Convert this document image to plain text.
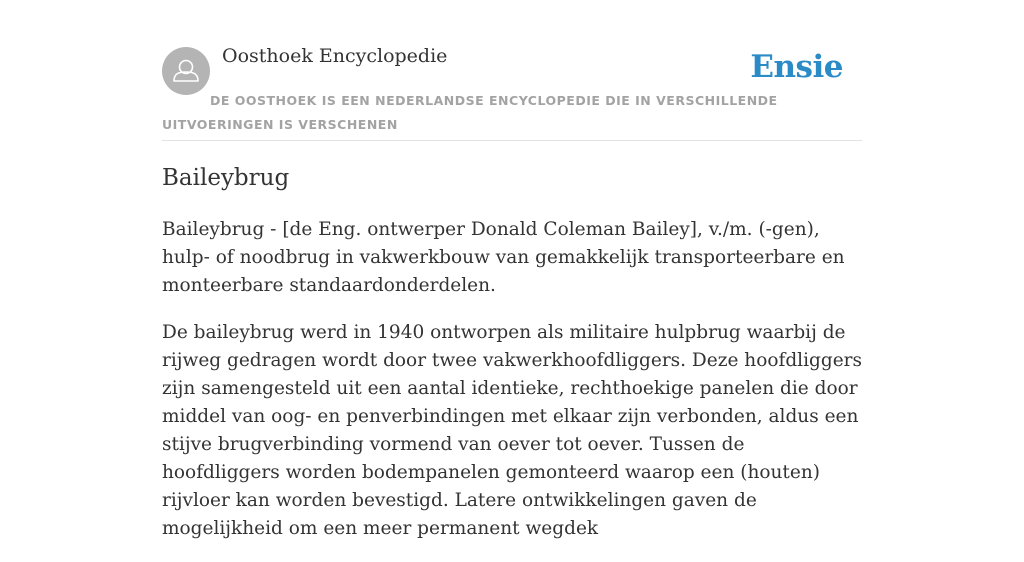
Oosthoek Encyclopedie	Ensie
DE OOSTHOEK IS EEN NEDERLANDSE ENCYCLOPEDIE DIE IN VERSCHILLENDE UITVOERINGEN IS VERSCHENEN
Baileybrug

Baileybrug - [de Eng. ontwerper Donald Coleman Bailey], v./m. (-gen), hulp- of noodbrug in vakwerkbouw van gemakkelijk transporteerbare en monteerbare standaardonderdelen.

De baileybrug werd in 1940 ontworpen als militaire hulpbrug waarbij de rijweg gedragen wordt door twee vakwerkhoofdliggers. Deze hoofdliggers zijn samengesteld uit een aantal identieke, rechthoekige panelen die door middel van oog- en penverbindingen met elkaar zijn verbonden, aldus een stijve brugverbinding vormend van oever tot oever. Tussen de hoofdliggers worden bodempanelen gemonteerd waarop een (houten) rijvloer kan worden bevestigd. Latere ontwikkelingen gaven de mogelijkheid om een meer permanent wegdek
